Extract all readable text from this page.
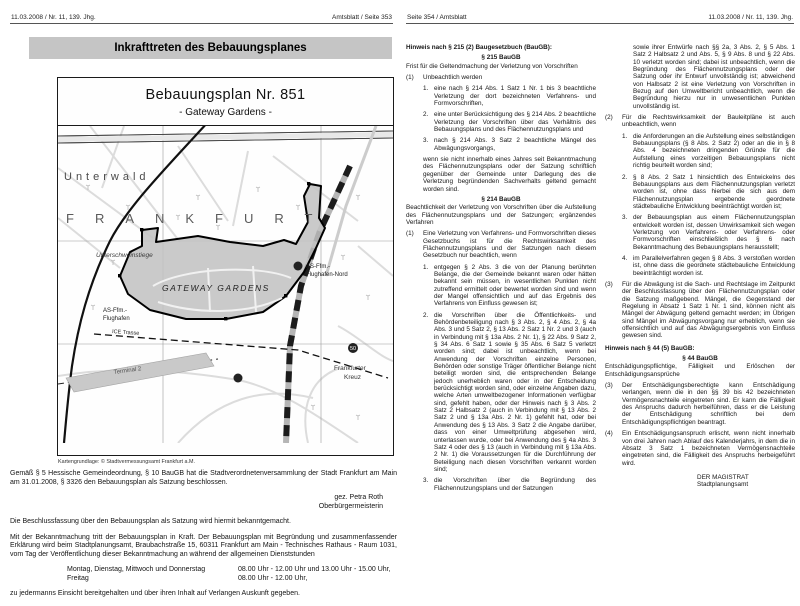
11.03.2008 / Nr. 11, 139. Jhg.	Amtsblatt / Seite 353
Inkrafttreten des Bebauungsplanes
Bebauungsplan Nr. 851
- Gateway Gardens -
50
Unterwald
FRANKFURT
Unterschweinstiege
AS-Ffm.-
Flughafen-Nord
AS-Ffm.-
Flughafen
GATEWAY GARDENS
ICE Trasse
Terminal 2	Frankfurter
Kreuz
Kartengrundlage: © Stadtvermessungsamt Frankfurt a.M.

Gemäß § 5 Hessische Gemeindeordnung, § 10 BauGB hat die Stadtverordnetenversammlung der Stadt Frankfurt am Main am 31.01.2008, § 3326 den Bebauungsplan als Satzung beschlossen.

gez. Petra Roth
Oberbürgermeisterin

Die Beschlussfassung über den Bebauungsplan als Satzung wird hiermit bekanntgemacht.

Mit der Bekanntmachung tritt der Bebauungsplan in Kraft. Der Bebauungsplan mit Begründung und zusammenfassender Erklärung wird beim Stadtplanungsamt, Braubachstraße 15, 60311 Frankfurt am Main - Technisches Rathaus - Raum 1031, vom Tag der Veröffentlichung dieser Bekanntmachung an während der allgemeinen Dienststunden

Montag, Dienstag, Mittwoch und Donnerstag	08.00 Uhr - 12.00 Uhr und 13.00 Uhr - 15.00 Uhr,
Freitag	08.00 Uhr - 12.00 Uhr,

zu jedermanns Einsicht bereitgehalten und über ihren Inhalt auf Verlangen Auskunft gegeben.

Seite 354 / Amtsblatt	11.03.2008 / Nr. 11, 139. Jhg.
Hinweis nach § 215 (2) Baugesetzbuch (BauGB):
§ 215 BauGB
Frist für die Geltendmachung der Verletzung von Vorschriften
(1)	Unbeachtlich werden
1. eine nach § 214 Abs. 1 Satz 1 Nr. 1 bis 3 beachtliche Verletzung der dort bezeichneten Verfahrens- und Formvorschriften,
2. eine unter Berücksichtigung des § 214 Abs. 2 beachtliche Verletzung der Vorschriften über das Verhältnis des Bebauungsplans und des Flächennutzungsplans und
3. nach § 214 Abs. 3 Satz 2 beachtliche Mängel des Abwägungsvorgangs,
wenn sie nicht innerhalb eines Jahres seit Bekanntmachung des Flächennutzungsplans oder der Satzung schriftlich gegenüber der Gemeinde unter Darlegung des die Verletzung begründenden Sachverhalts geltend gemacht worden sind.
§ 214 BauGB
Beachtlichkeit der Verletzung von Vorschriften über die Aufstellung des Flächennutzungsplans und der Satzungen; ergänzendes Verfahren
(1)	Eine Verletzung von Verfahrens- und Formvorschriften dieses Gesetzbuchs ist für die Rechtswirksamkeit des Flächennutzungsplans und der Satzungen nach diesem Gesetzbuch nur beachtlich, wenn
1. entgegen § 2 Abs. 3 die von der Planung berührten Belange, die der Gemeinde bekannt waren oder hätten bekannt sein müssen, in wesentlichen Punkten nicht zutreffend ermittelt oder bewertet worden sind und wenn der Mangel offensichtlich und auf das Ergebnis des Verfahrens von Einfluss gewesen ist;
2. die Vorschriften über die Öffentlichkeits- und Behördenbeteiligung nach § 3 Abs. 2, § 4 Abs. 2, § 4a Abs. 3 und 5 Satz 2, § 13 Abs. 2 Satz 1 Nr. 2 und 3 (auch in Verbindung mit § 13a Abs. 2 Nr. 1), § 22 Abs. 9 Satz 2, § 34 Abs. 6 Satz 1 sowie § 35 Abs. 6 Satz 5 verletzt worden sind; dabei ist unbeachtlich, wenn bei Anwendung der Vorschriften einzelne Personen, Behörden oder sonstige Träger öffentlicher Belange nicht beteiligt worden sind, die entsprechenden Belange jedoch unerheblich waren oder in der Entscheidung berücksichtigt worden sind, oder einzelne Angaben dazu, welche Arten umweltbezogener Informationen verfügbar sind, gefehlt haben, oder der Hinweis nach § 3 Abs. 2 Satz 2 Halbsatz 2 (auch in Verbindung mit § 13 Abs. 2 Satz 2 und § 13a Abs. 2 Nr. 1) gefehlt hat, oder bei Anwendung des § 13 Abs. 3 Satz 2 die Angabe darüber, dass von einer Umweltprüfung abgesehen wird, unterlassen wurde, oder bei Anwendung des § 4a Abs. 3 Satz 4 oder des § 13 (auch in Verbindung mit § 13a Abs. 2 Nr. 1) die Voraussetzungen für die Durchführung der Beteiligung nach diesen Vorschriften verkannt worden sind;
3. die Vorschriften über die Begründung des Flächennutzungsplans und der Satzungen
sowie ihrer Entwürfe nach §§ 2a, 3 Abs. 2, § 5 Abs. 1 Satz 2 Halbsatz 2 und Abs. 5, § 9 Abs. 8 und § 22 Abs. 10 verletzt worden sind; dabei ist unbeachtlich, wenn die Begründung des Flächennutzungsplans oder der Satzung oder ihr Entwurf unvollständig ist; abweichend von Halbsatz 2 ist eine Verletzung von Vorschriften in Bezug auf den Umweltbericht unbeachtlich, wenn die Begründung hierzu nur in unwesentlichen Punkten unvollständig ist.
(2)	Für die Rechtswirksamkeit der Bauleitpläne ist auch unbeachtlich, wenn
1. die Anforderungen an die Aufstellung eines selbständigen Bebauungsplans (§ 8 Abs. 2 Satz 2) oder an die in § 8 Abs. 4 bezeichneten dringenden Gründe für die Aufstellung eines vorzeitigen Bebauungsplans nicht richtig beurteilt worden sind;
2. § 8 Abs. 2 Satz 1 hinsichtlich des Entwickelns des Bebauungsplans aus dem Flächennutzungsplan verletzt worden ist, ohne dass hierbei die sich aus dem Flächennutzungsplan ergebende geordnete städtebauliche Entwicklung beeinträchtigt worden ist;
3. der Bebauungsplan aus einem Flächennutzungsplan entwickelt worden ist, dessen Unwirksamkeit sich wegen Verletzung von Verfahrens- oder Verfahrens- oder Formvorschriften einschließlich des § 6 nach Bekanntmachung des Bebauungsplans herausstellt;
4. im Parallelverfahren gegen § 8 Abs. 3 verstoßen worden ist, ohne dass die geordnete städtebauliche Entwicklung beeinträchtigt worden ist.
(3)	Für die Abwägung ist die Sach- und Rechtslage im Zeitpunkt der Beschlussfassung über den Flächennutzungsplan oder die Satzung maßgebend. Mängel, die Gegenstand der Regelung in Absatz 1 Satz 1 Nr. 1 sind, können nicht als Mängel der Abwägung geltend gemacht werden; im Übrigen sind Mängel im Abwägungsvorgang nur erheblich, wenn sie offensichtlich und auf das Abwägungsergebnis von Einfluss gewesen sind.
Hinweis nach § 44 (5) BauGB:
§ 44 BauGB
Entschädigungspflichtige, Fälligkeit und Erlöschen der Entschädigungsansprüche
(3)	Der Entschädigungsberechtigte kann Entschädigung verlangen, wenn die in den §§ 39 bis 42 bezeichneten Vermögensnachteile eingetreten sind. Er kann die Fälligkeit des Anspruchs dadurch herbeiführen, dass er die Leistung der Entschädigung schriftlich bei dem Entschädigungspflichtigen beantragt.
(4)	Ein Entschädigungsanspruch erlischt, wenn nicht innerhalb von drei Jahren nach Ablauf des Kalenderjahrs, in dem die in Absatz 3 Satz 1 bezeichneten Vermögensnachteile eingetreten sind, die Fälligkeit des Anspruchs herbeigeführt wird.
DER MAGISTRAT
Stadtplanungsamt
